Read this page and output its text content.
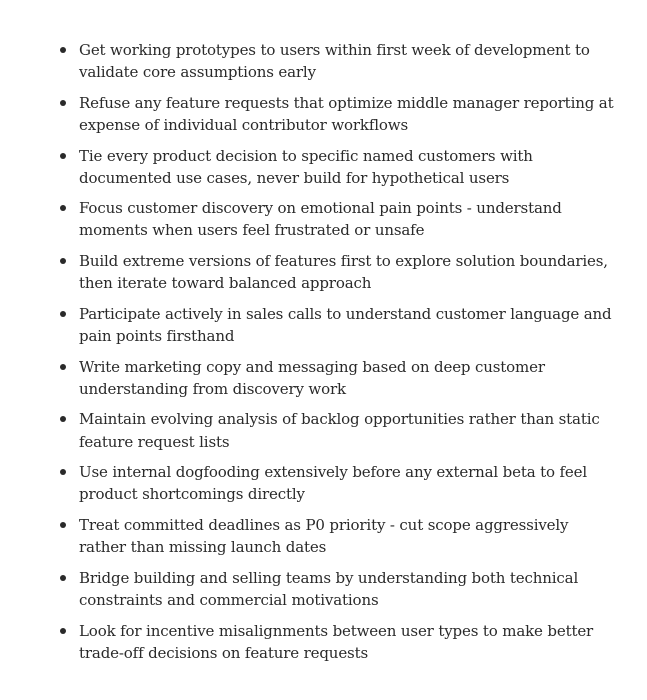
Get working prototypes to users within first week of development to validate core assumptions early
Refuse any feature requests that optimize middle manager reporting at expense of individual contributor workflows
Tie every product decision to specific named customers with documented use cases, never build for hypothetical users
Focus customer discovery on emotional pain points - understand moments when users feel frustrated or unsafe
Build extreme versions of features first to explore solution boundaries, then iterate toward balanced approach
Participate actively in sales calls to understand customer language and pain points firsthand
Write marketing copy and messaging based on deep customer understanding from discovery work
Maintain evolving analysis of backlog opportunities rather than static feature request lists
Use internal dogfooding extensively before any external beta to feel product shortcomings directly
Treat committed deadlines as P0 priority - cut scope aggressively rather than missing launch dates
Bridge building and selling teams by understanding both technical constraints and commercial motivations
Look for incentive misalignments between user types to make better trade-off decisions on feature requests
